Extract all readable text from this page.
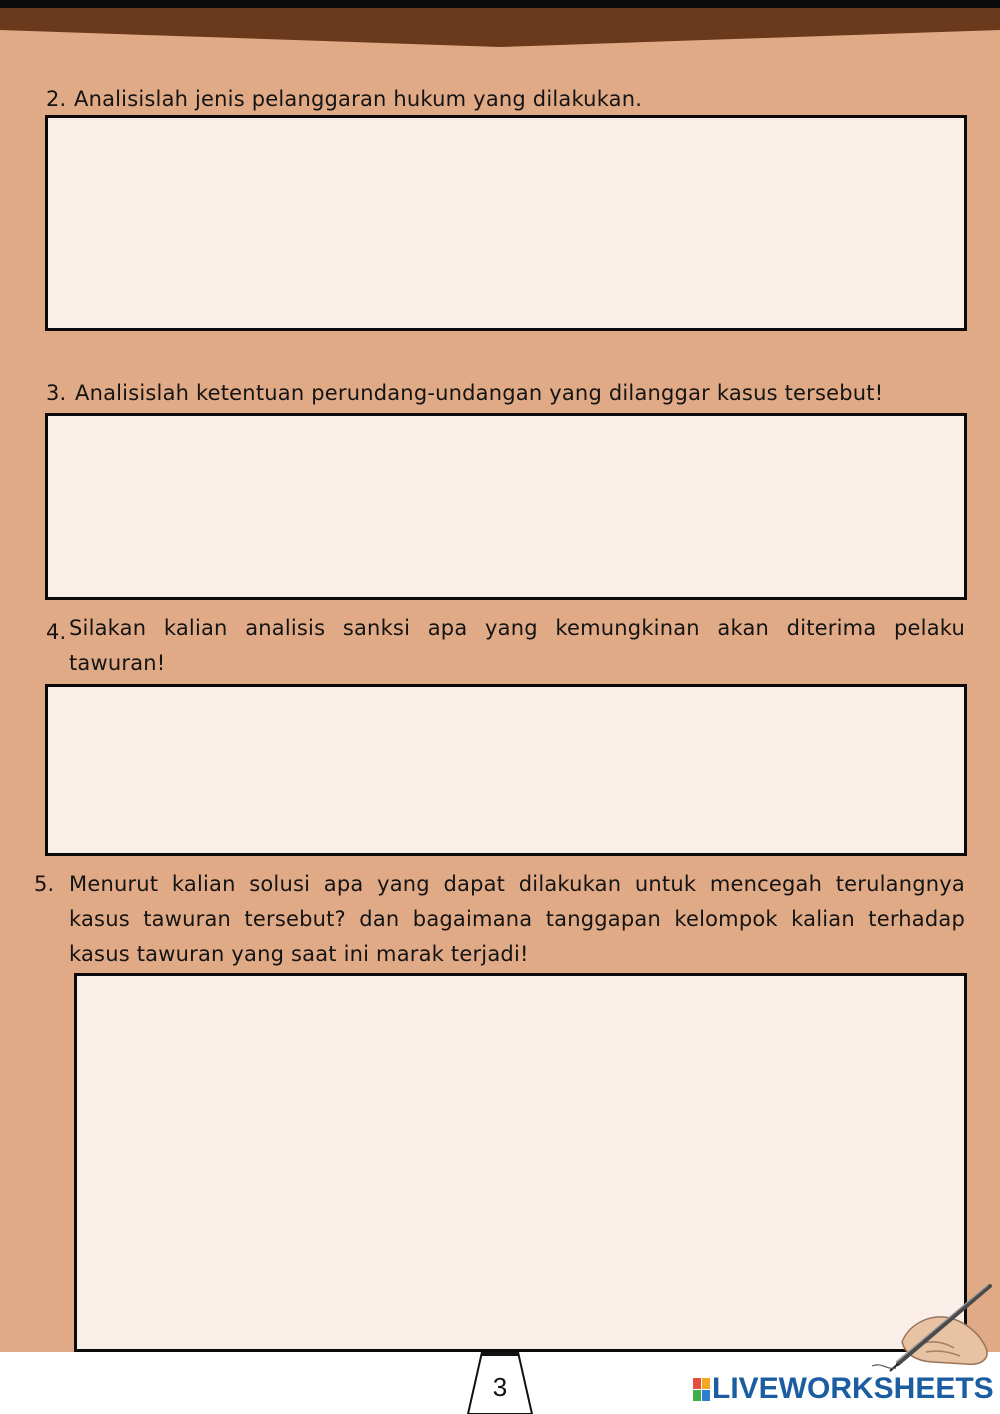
2. Analisislah jenis pelanggaran hukum yang dilakukan.
3. Analisislah ketentuan perundang-undangan yang dilanggar kasus tersebut!
4. Silakan kalian analisis sanksi apa yang kemungkinan akan diterima pelaku
tawuran!
5. Menurut kalian solusi apa yang dapat dilakukan untuk mencegah terulangnya
kasus tawuran tersebut? dan bagaimana tanggapan kelompok kalian terhadap
kasus tawuran yang saat ini marak terjadi!
3	LIVEWORKSHEETS
